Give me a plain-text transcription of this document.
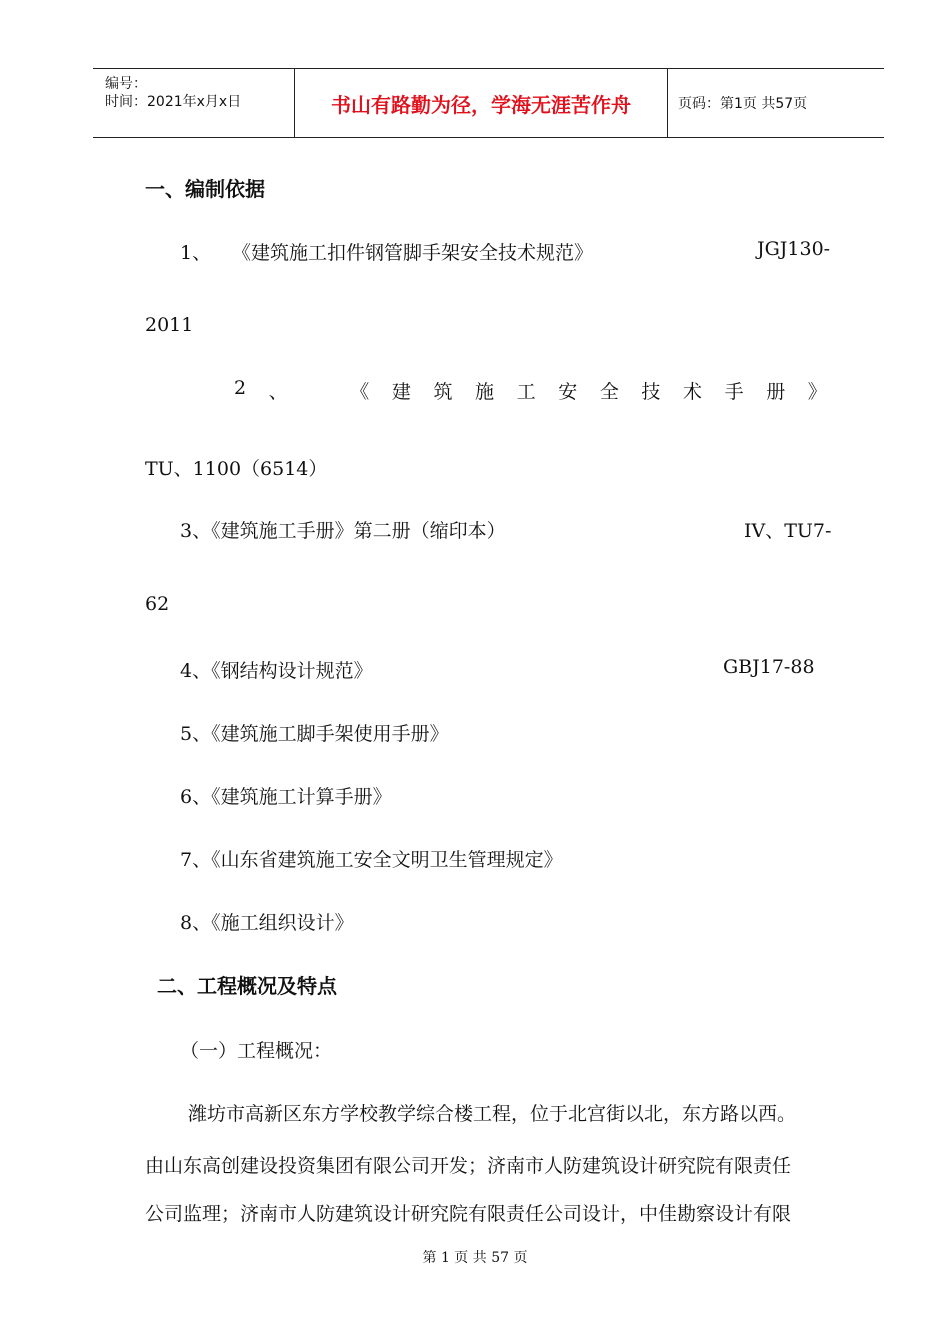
编号：
时间：2021年x月x日	书山有路勤为径，学海无涯苦作舟	页码：第1页 共57页
一、编制依据
1、 《建筑施工扣件钢管脚手架安全技术规范》	JGJ130-
2011
2 、	《 建 筑 施 工 安 全 技 术 手 册 》
TU、1100（6514）
3、《建筑施工手册》第二册（缩印本）	IV、TU7-
62
4、《钢结构设计规范》	GBJ17-88
5、《建筑施工脚手架使用手册》
6、《建筑施工计算手册》
7、《山东省建筑施工安全文明卫生管理规定》
8、《施工组织设计》
二、工程概况及特点
（一）工程概况：
潍坊市高新区东方学校教学综合楼工程，位于北宫街以北，东方路以西。
由山东高创建设投资集团有限公司开发；济南市人防建筑设计研究院有限责任
公司监理；济南市人防建筑设计研究院有限责任公司设计，中佳勘察设计有限
第 1 页 共 57 页
